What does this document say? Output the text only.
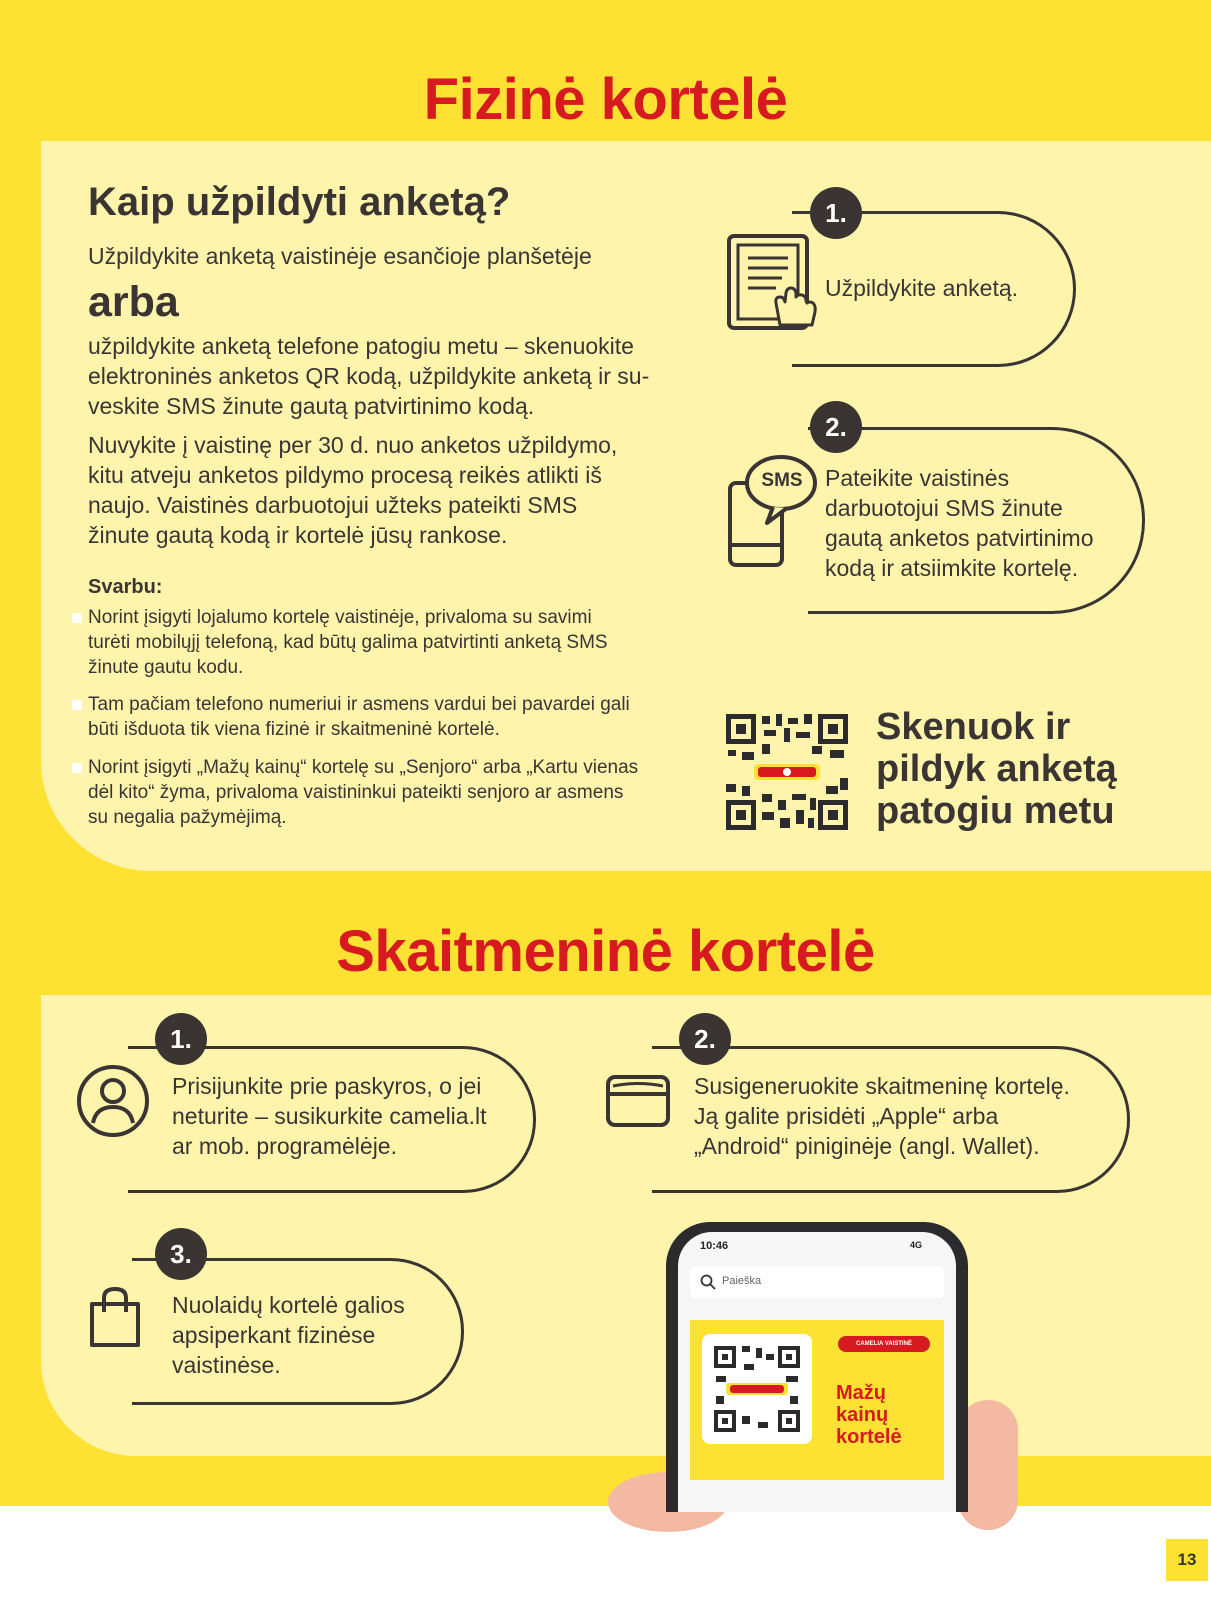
Fizinė kortelė
Kaip užpildyti anketą?
Užpildykite anketą vaistinėje esančioje planšetėje
arba
užpildykite anketą telefone patogiu metu – skenuokite
elektroninės anketos QR kodą, užpildykite anketą ir su-
veskite SMS žinute gautą patvirtinimo kodą.
Nuvykite į vaistinę per 30 d. nuo anketos užpildymo,
kitu atveju anketos pildymo procesą reikės atlikti iš
naujo. Vaistinės darbuotojui užteks pateikti SMS
žinute gautą kodą ir kortelė jūsų rankose.
Svarbu:
Norint įsigyti lojalumo kortelę vaistinėje, privaloma su savimi
turėti mobilųjį telefoną, kad būtų galima patvirtinti anketą SMS
žinute gautu kodu.
Tam pačiam telefono numeriui ir asmens vardui bei pavardei gali
būti išduota tik viena fizinė ir skaitmeninė kortelė.
Norint įsigyti „Mažų kainų“ kortelę su „Senjoro“ arba „Kartu vienas
dėl kito“ žyma, privaloma vaistininkui pateikti senjoro ar asmens
su negalia pažymėjimą.
1.
Užpildykite anketą.
2.
SMS Pateikite vaistinės
darbuotojui SMS žinute
gautą anketos patvirtinimo
kodą ir atsiimkite kortelę.
Skenuok ir
pildyk anketą
patogiu metu
Skaitmeninė kortelė
1.
Prisijunkite prie paskyros, o jei
neturite – susikurkite camelia.lt
ar mob. programėlėje.
2.
Susigeneruokite skaitmeninę kortelę.
Ją galite prisidėti „Apple“ arba
„Android“ piniginėje (angl. Wallet).
3.
Nuolaidų kortelė galios
apsiperkant fizinėse
vaistinėse.
10:46	4G
Paieška
CAMELIA VAISTINĖ
Mažų
kainų
kortelė
13
